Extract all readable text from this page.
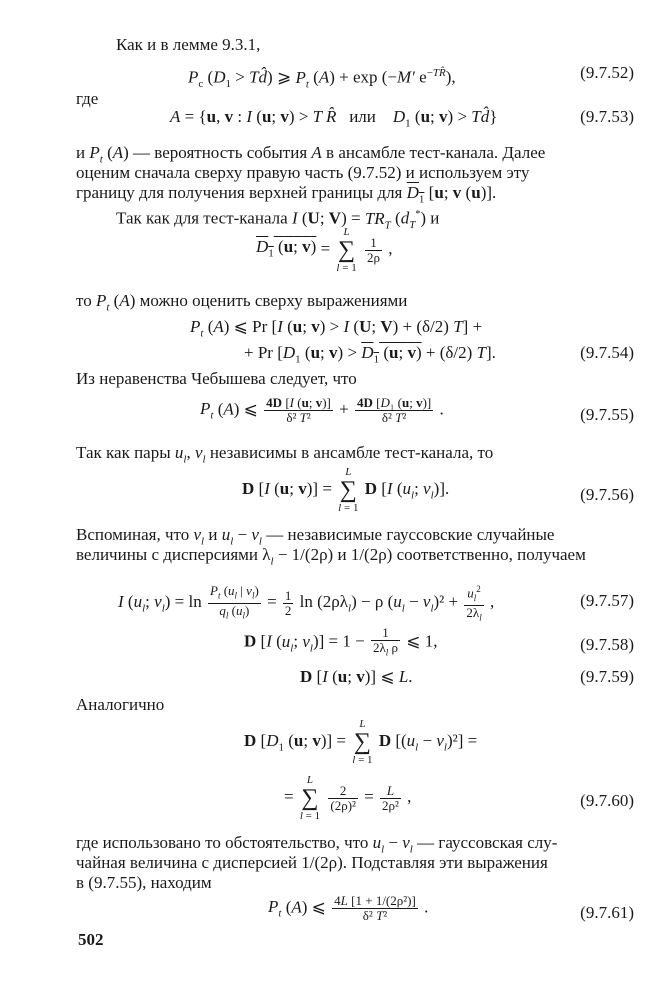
Как и в лемме 9.3.1,
$P_c$ ($D_1$ > Td̂) ⩾ $P_t$ (A) + exp (−M′ $e^{-TR̂}$),	(9.7.52)
где
A = {u, v : I (u; v) > T R̂ или $D_1$ (u; v) > Td̂}	(9.7.53)
и $P_t$ (A) — вероятность события A в ансамбле тест-канала. Далее
оценим сначала сверху правую часть (9.7.52) и используем эту
границу для получения верхней границы для $D_1$ [u; v (u)].
Так как для тест-канала I (U; $V) = TR_T$ $(d_T^*)$ и
$D_1$ (u; v) =
L
∑
l = 1

$\frac{1}{2\rho}$ ,
то $P_t$ (A) можно оценить сверху выражениями
$P_t$ (A) ⩽ Pr [I (u; v) > I (U; V) + (δ/2) T] +
+ Pr [$D_1$ (u; $v) > D_1$ (u; v) + (δ/2) T].	(9.7.54)
Из неравенства Чебышева следует, что
$P_t$ (A) ⩽ $\frac{4D [I (u; v)]}{\text{δ² T²}} + \frac{\text{4D [D₁ (u; v)]}}{\text{δ² T²}}$ .	(9.7.55)
Так как пары $u_l$, $v_l$ независимы в ансамбле тест-канала, то
D [I (u; v)] =
L
∑
l = 1
D [I ($u_l$; $v_l$)].	(9.7.56)
Вспоминая, что $v_l$ и $u_l - v_l$ — независимые гауссовские случайные
величины с дисперсиями $\lambda_l - 1/(2\rho)$ и 1/(2ρ) соответственно, получаем
I ($u_l$; $v_l) = \ln \frac{P_t (u_l | v_l)}{q_l (u_l)} = \frac{1}{2}$ $\ln (2\rho\lambda_l) - \rho$ $(u_l - v_l)^2 + \frac{u_l^2}{2\lambda_l}$ ,	(9.7.57)
D [I ($u_l$; $v_l)] = 1 - \frac{1}{2\lambda_l \rho}$ ⩽ 1,	(9.7.58)
D [I (u; v)] ⩽ L.	(9.7.59)
Аналогично
D [$D_1$ (u; v)] =
L
∑
l = 1
D $[(u_l - v_l)^2]$ =
=
L
∑
l = 1

$\frac{2}{\text{(2ρ)²}} = \frac{L}{\text{2ρ²}}$ ,	(9.7.60)
где использовано то обстоятельство, что $u_l - v_l$ — гауссовская слу-
чайная величина с дисперсией 1/(2ρ). Подставляя эти выражения
в (9.7.55), находим
$P_t$ (A) ⩽ $\frac{\text{4L [1 + 1/(2ρ²)]}}{\text{δ² T²}}$ .	(9.7.61)
502
